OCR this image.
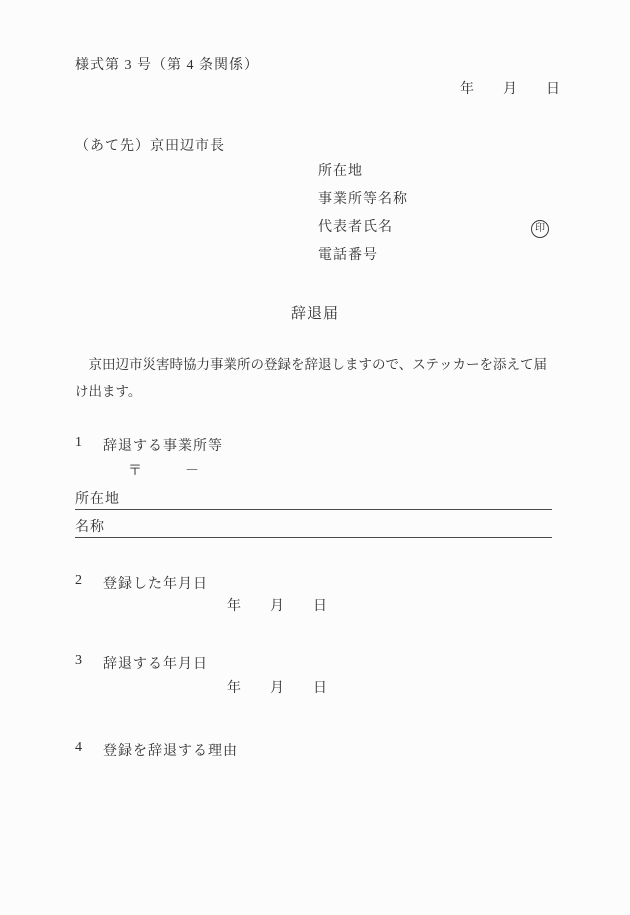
様式第 3 号（第 4 条関係）
年 月 日
（あて先）京田辺市長
所在地
事業所等名称
代表者氏名
電話番号
印
辞退届

京田辺市災害時協力事業所の登録を辞退しますので、ステッカーを添えて届け出ます。

1	辞退する事業所等
〒	－
所在地
名称
2	登録した年月日
年 月 日
3	辞退する年月日
年 月 日
4	登録を辞退する理由
